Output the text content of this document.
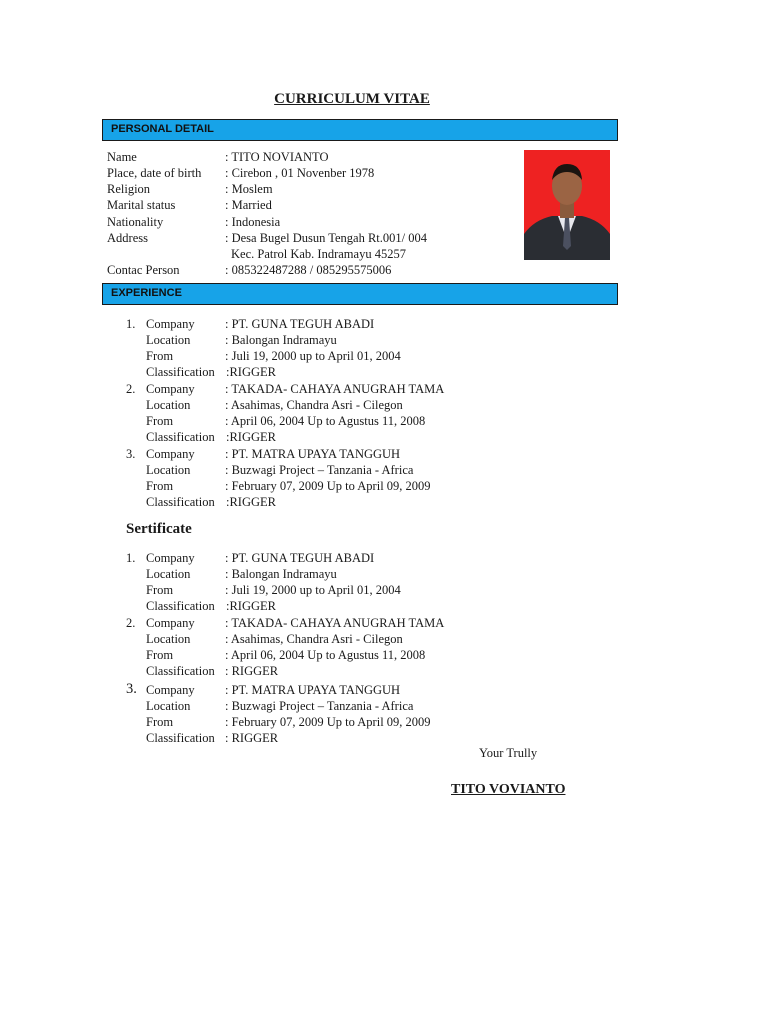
CURRICULUM VITAE
PERSONAL DETAIL
Name	: TITO NOVIANTO
Place, date of birth : Cirebon , 01 Novenber 1978
Religion	: Moslem
Marital status	: Married
Nationality	: Indonesia
Address	: Desa Bugel Dusun Tengah Rt.001/ 004
Kec. Patrol Kab. Indramayu 45257
Contac Person	: 085322487288 / 085295575006
EXPERIENCE
1. Company : PT. GUNA TEGUH ABADI
Location	: Balongan Indramayu
From	: Juli 19, 2000 up to April 01, 2004
Classification :RIGGER
2. Company : TAKADA- CAHAYA ANUGRAH TAMA
Location	: Asahimas, Chandra Asri - Cilegon
From	: April 06, 2004 Up to Agustus 11, 2008
Classification :RIGGER
3. Company : PT. MATRA UPAYA TANGGUH
Location	: Buzwagi Project – Tanzania - Africa
From	: February 07, 2009 Up to April 09, 2009
Classification :RIGGER
Sertificate
1. Company : PT. GUNA TEGUH ABADI
Location	: Balongan Indramayu
From	: Juli 19, 2000 up to April 01, 2004
Classification :RIGGER
2. Company : TAKADA- CAHAYA ANUGRAH TAMA
Location	: Asahimas, Chandra Asri - Cilegon
From	: April 06, 2004 Up to Agustus 11, 2008
Classification : RIGGER
3. Company : PT. MATRA UPAYA TANGGUH
Location	: Buzwagi Project – Tanzania - Africa
From	: February 07, 2009 Up to April 09, 2009
Classification : RIGGER
Your Trully
TITO VOVIANTO
